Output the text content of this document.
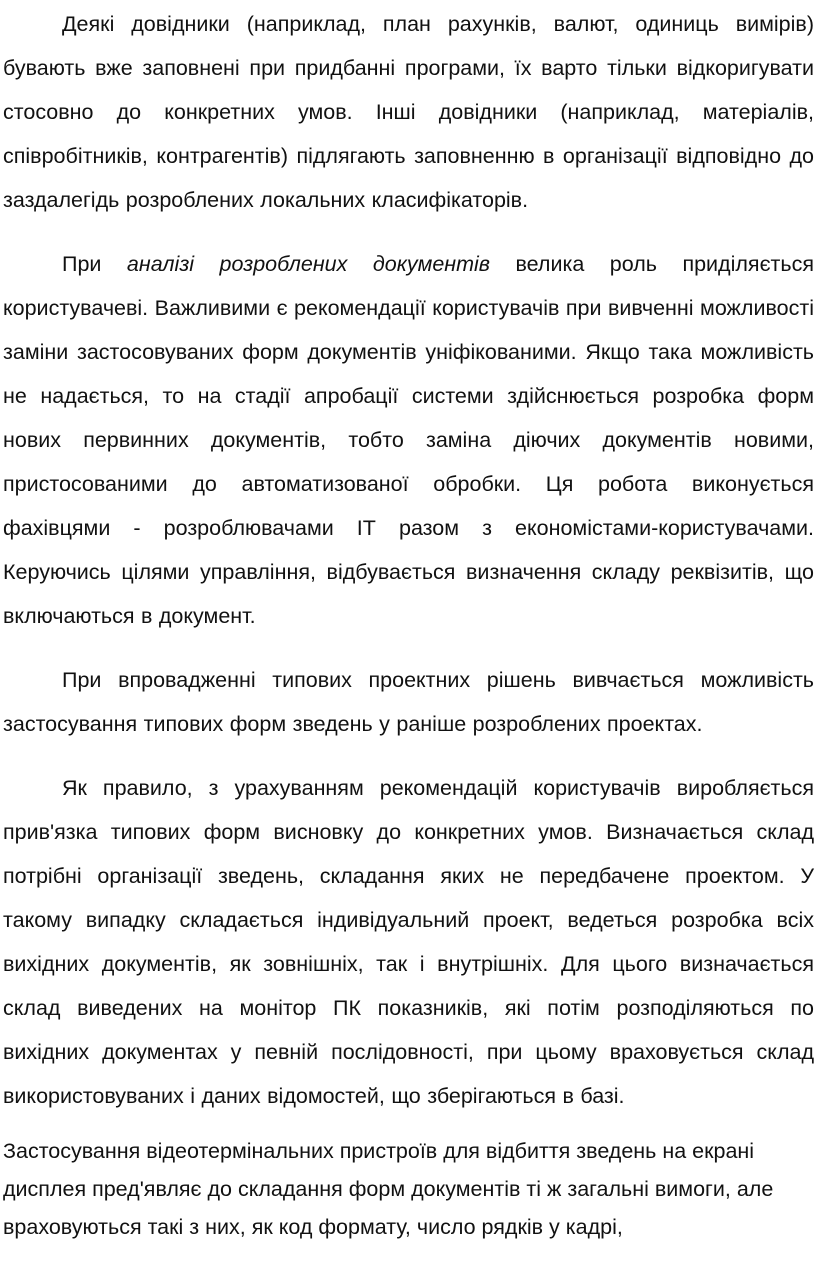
Деякі довідники (наприклад, план рахунків, валют, одиниць вимірів) бувають вже заповнені при придбанні програми, їх варто тільки відкоригувати стосовно до конкретних умов. Інші довідники (наприклад, матеріалів, співробітників, контрагентів) підлягають заповненню в організації відповідно до заздалегідь розроблених локальних класифікаторів.

При аналізі розроблених документів велика роль приділяється користувачеві. Важливими є рекомендації користувачів при вивченні можливості заміни застосовуваних форм документів уніфікованими. Якщо така можливість не надається, то на стадії апробації системи здійснюється розробка форм нових первинних документів, тобто заміна діючих документів новими, пристосованими до автоматизованої обробки. Ця робота виконується фахівцями - розроблювачами ІТ разом з економістами-користувачами. Керуючись цілями управління, відбувається визначення складу реквізитів, що включаються в документ.

При впровадженні типових проектних рішень вивчається можливість застосування типових форм зведень у раніше розроблених проектах.

Як правило, з урахуванням рекомендацій користувачів виробляється прив'язка типових форм висновку до конкретних умов. Визначається склад потрібні організації зведень, складання яких не передбачене проектом. У такому випадку складається індивідуальний проект, ведеться розробка всіх вихідних документів, як зовнішніх, так і внутрішніх. Для цього визначається склад виведених на монітор ПК показників, які потім розподіляються по вихідних документах у певній послідовності, при цьому враховується склад використовуваних і даних відомостей, що зберігаються в базі.

Застосування відеотермінальних пристроїв для відбиття зведень на екрані
дисплея пред'являє до складання форм документів ті ж загальні вимоги, але
враховуються такі з них, як код формату, число рядків у кадрі,
